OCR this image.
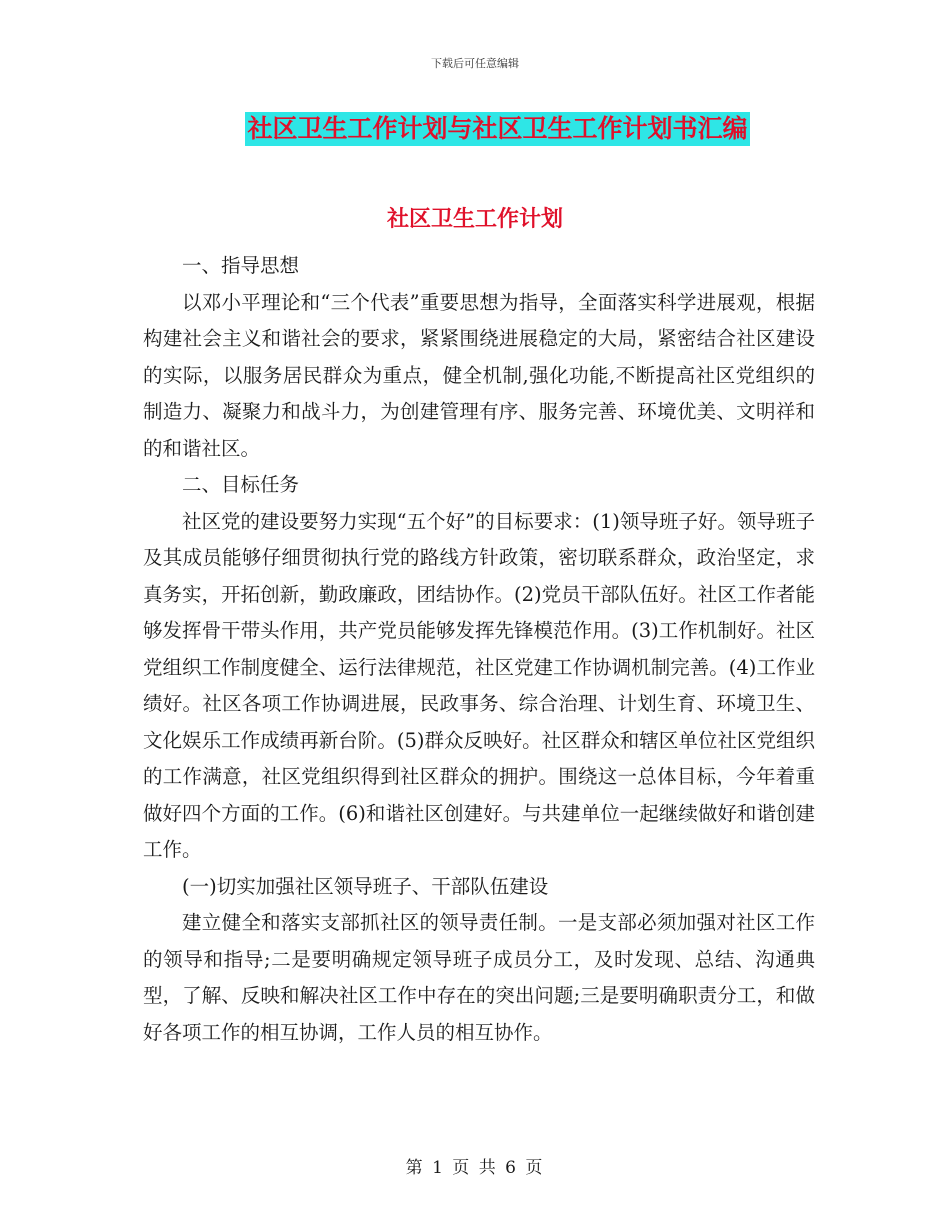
下载后可任意编辑
社区卫生工作计划与社区卫生工作计划书汇编
社区卫生工作计划

一、指导思想

以邓小平理论和“三个代表”重要思想为指导，全面落实科学进展观，根据构建社会主义和谐社会的要求，紧紧围绕进展稳定的大局，紧密结合社区建设的实际，以服务居民群众为重点，健全机制,强化功能,不断提高社区党组织的制造力、凝聚力和战斗力，为创建管理有序、服务完善、环境优美、文明祥和的和谐社区。

二、目标任务

社区党的建设要努力实现“五个好”的目标要求：(1)领导班子好。领导班子及其成员能够仔细贯彻执行党的路线方针政策，密切联系群众，政治坚定，求真务实，开拓创新，勤政廉政，团结协作。(2)党员干部队伍好。社区工作者能够发挥骨干带头作用，共产党员能够发挥先锋模范作用。(3)工作机制好。社区党组织工作制度健全、运行法律规范，社区党建工作协调机制完善。(4)工作业绩好。社区各项工作协调进展，民政事务、综合治理、计划生育、环境卫生、文化娱乐工作成绩再新台阶。(5)群众反映好。社区群众和辖区单位社区党组织的工作满意，社区党组织得到社区群众的拥护。围绕这一总体目标，今年着重做好四个方面的工作。(6)和谐社区创建好。与共建单位一起继续做好和谐创建工作。

(一)切实加强社区领导班子、干部队伍建设

建立健全和落实支部抓社区的领导责任制。一是支部必须加强对社区工作的领导和指导;二是要明确规定领导班子成员分工，及时发现、总结、沟通典型，了解、反映和解决社区工作中存在的突出问题;三是要明确职责分工，和做好各项工作的相互协调，工作人员的相互协作。

第 1 页 共 6 页
